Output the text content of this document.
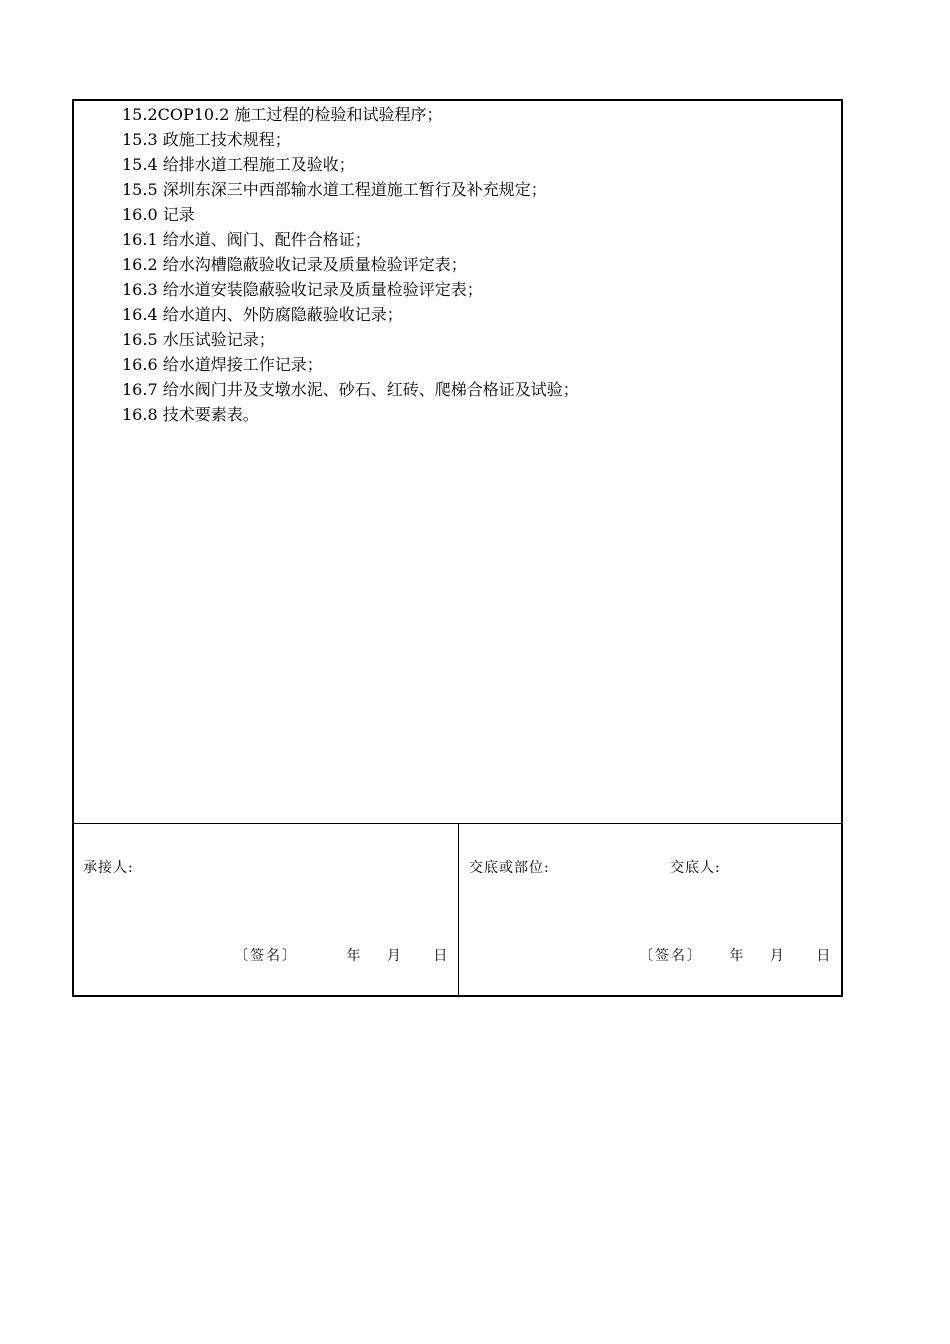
15.2COP10.2 施工过程的检验和试验程序；
15.3 政施工技术规程；
15.4 给排水道工程施工及验收；
15.5 深圳东深三中西部输水道工程道施工暂行及补充规定；
16.0 记录
16.1 给水道、阀门、配件合格证；
16.2 给水沟槽隐蔽验收记录及质量检验评定表；
16.3 给水道安装隐蔽验收记录及质量检验评定表；
16.4 给水道内、外防腐隐蔽验收记录；
16.5 水压试验记录；
16.6 给水道焊接工作记录；
16.7 给水阀门井及支墩水泥、砂石、红砖、爬梯合格证及试验；
16.8 技术要素表。
承接人:
〔签名〕	年 月 日
交底或部位:	交底人:
〔签名〕 年 月 日
